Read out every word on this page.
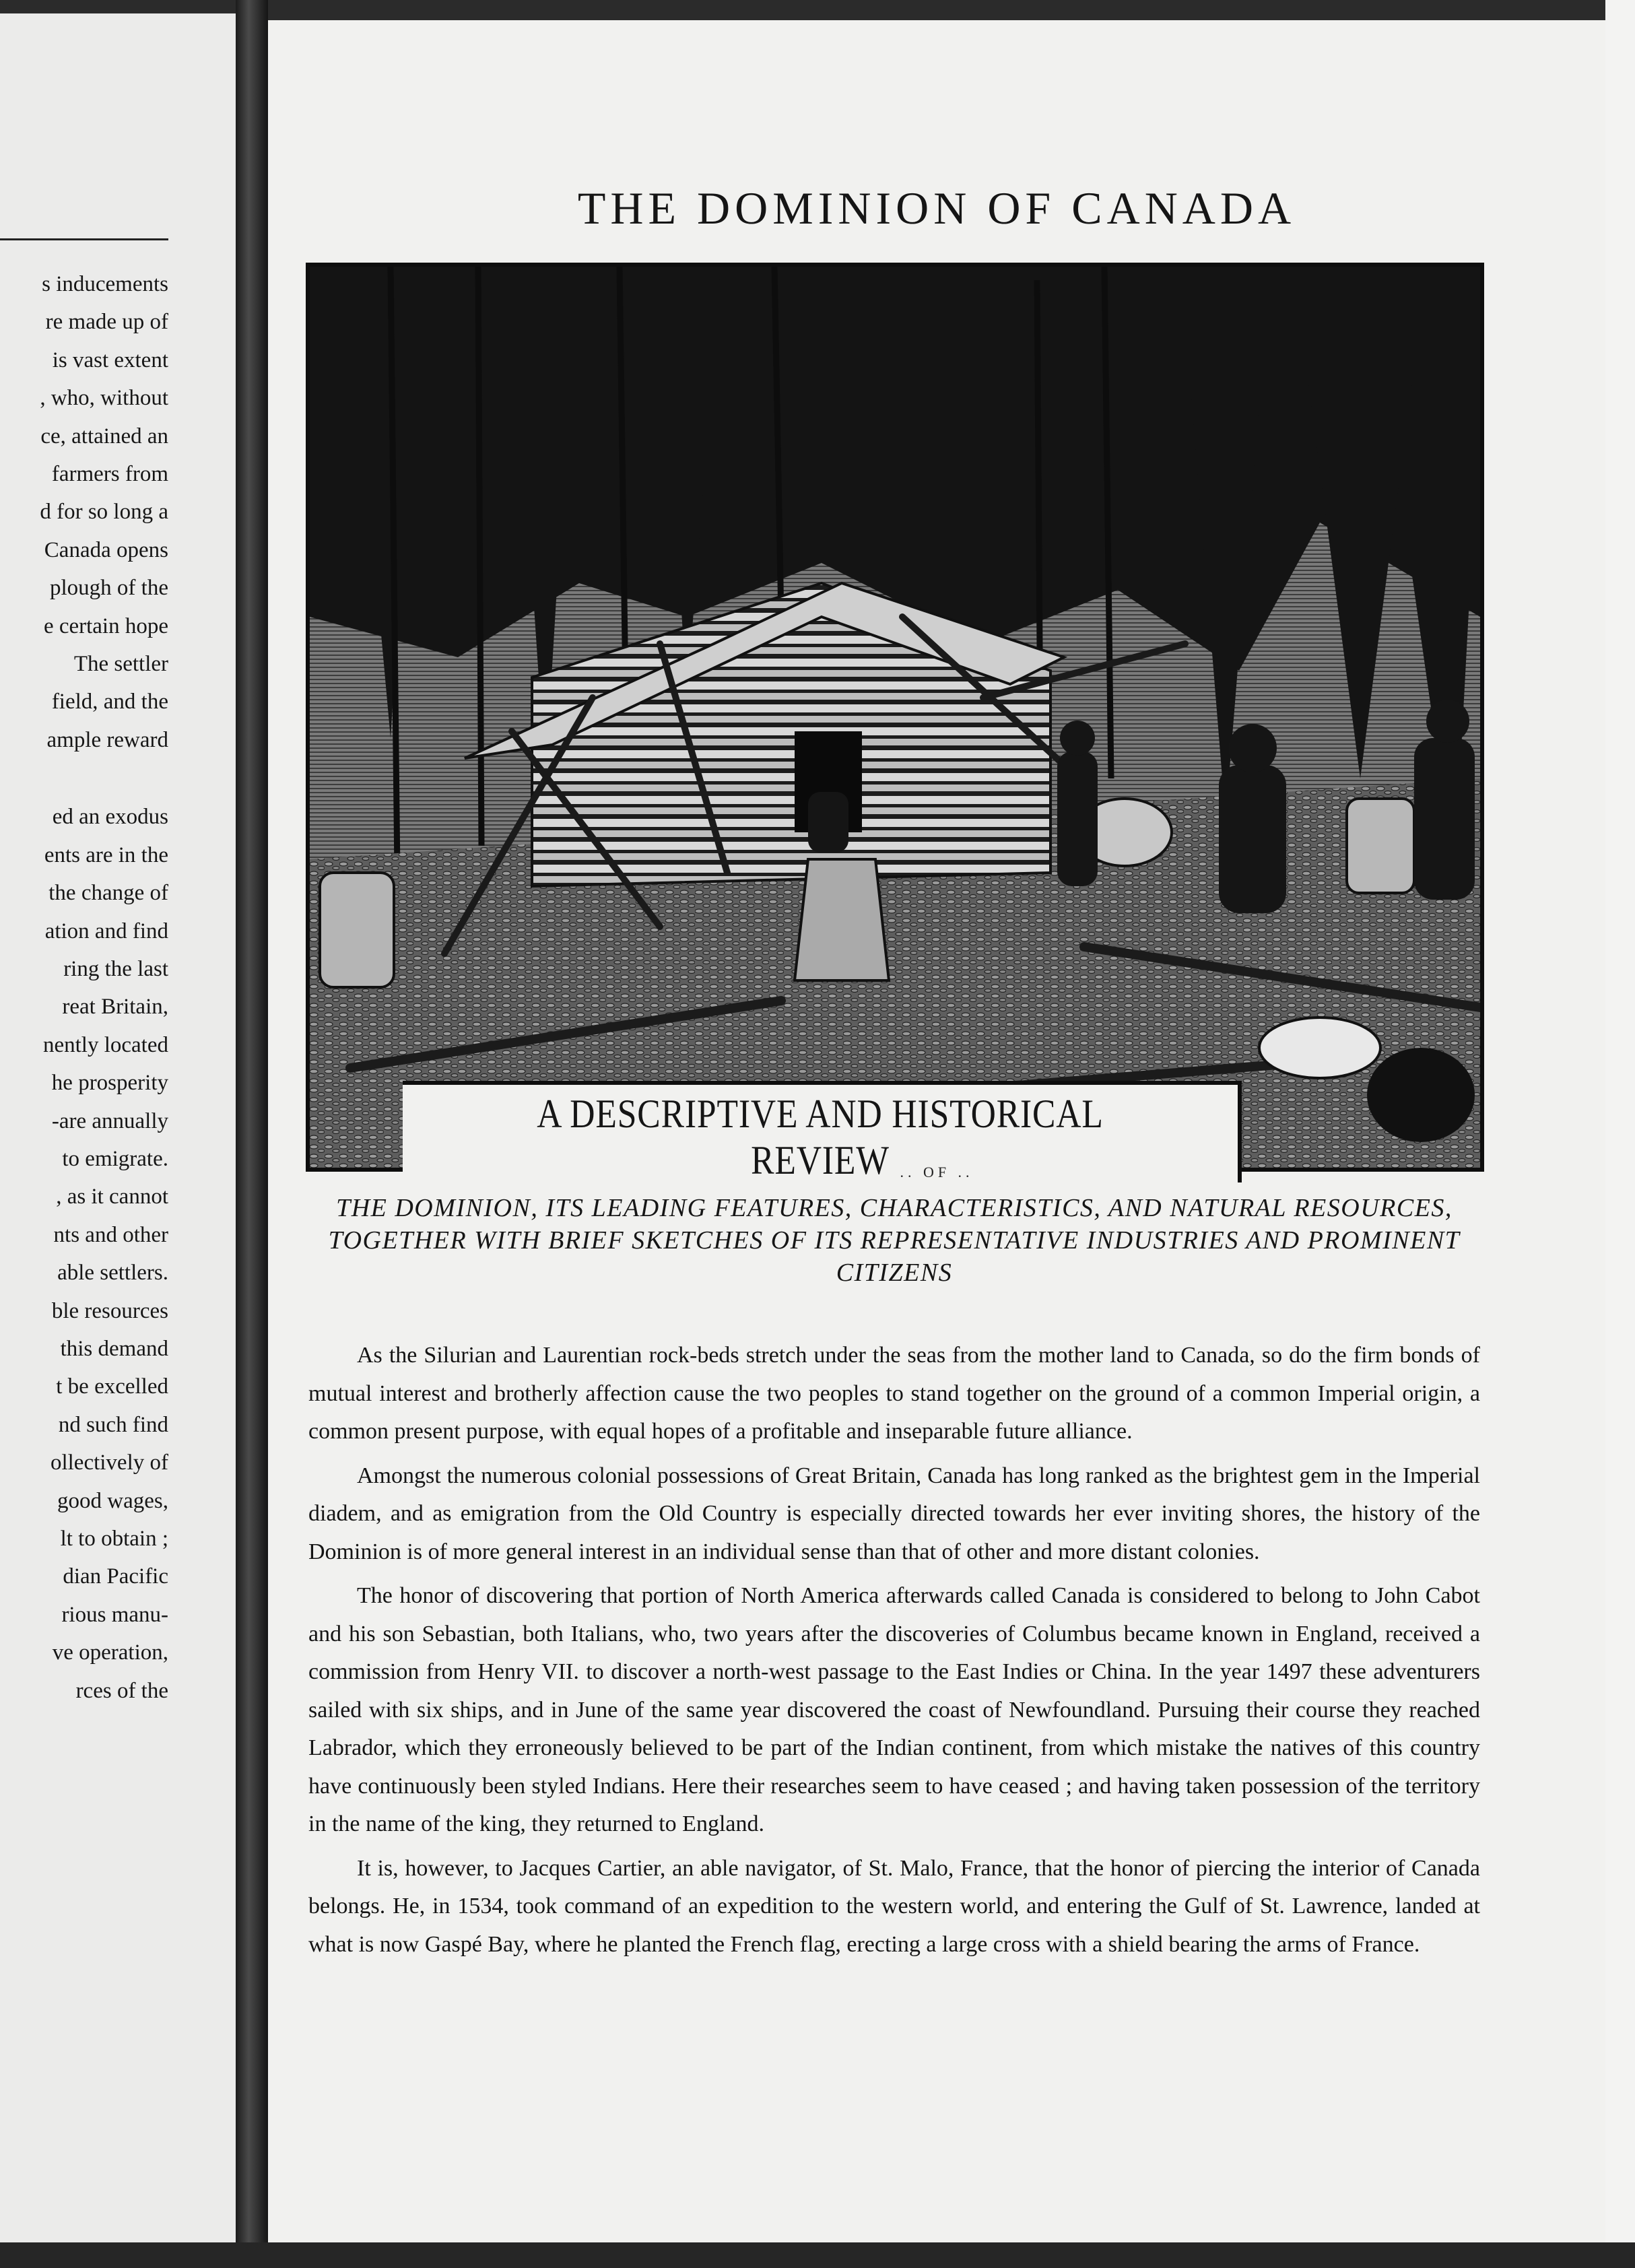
s inducements
re made up of
is vast extent
, who, without
ce, attained an
farmers from
d for so long a
Canada opens
plough of the
e certain hope
The settler
field, and the
ample reward
ed an exodus
ents are in the
the change of
ation and find
ring the last
reat Britain,
nently located
he prosperity
-are annually
to emigrate.
, as it cannot
nts and other
able settlers.
ble resources
this demand
t be excelled
nd such find
ollectively of
good wages,
lt to obtain ;
dian Pacific
rious manu-
ve operation,
rces of the
THE DOMINION OF CANADA
A DESCRIPTIVE AND HISTORICAL REVIEW .. OF ..
THE DOMINION, ITS LEADING FEATURES, CHARACTERISTICS, AND NATURAL RESOURCES, TOGETHER WITH BRIEF SKETCHES OF ITS REPRESENTATIVE INDUSTRIES AND PROMINENT CITIZENS

As the Silurian and Laurentian rock-beds stretch under the seas from the mother land to Canada, so do the firm bonds of mutual interest and brotherly affection cause the two peoples to stand together on the ground of a common Imperial origin, a common present purpose, with equal hopes of a profitable and inseparable future alliance.

Amongst the numerous colonial possessions of Great Britain, Canada has long ranked as the brightest gem in the Imperial diadem, and as emigration from the Old Country is especially directed towards her ever inviting shores, the history of the Dominion is of more general interest in an individual sense than that of other and more distant colonies.

The honor of discovering that portion of North America afterwards called Canada is considered to belong to John Cabot and his son Sebastian, both Italians, who, two years after the discoveries of Columbus became known in England, received a commission from Henry VII. to discover a north-west passage to the East Indies or China. In the year 1497 these adventurers sailed with six ships, and in June of the same year discovered the coast of Newfoundland. Pursuing their course they reached Labrador, which they erroneously believed to be part of the Indian continent, from which mistake the natives of this country have continuously been styled Indians. Here their researches seem to have ceased ; and having taken possession of the territory in the name of the king, they returned to England.

It is, however, to Jacques Cartier, an able navigator, of St. Malo, France, that the honor of piercing the interior of Canada belongs. He, in 1534, took command of an expedition to the western world, and entering the Gulf of St. Lawrence, landed at what is now Gaspé Bay, where he planted the French flag, erecting a large cross with a shield bearing the arms of France.
